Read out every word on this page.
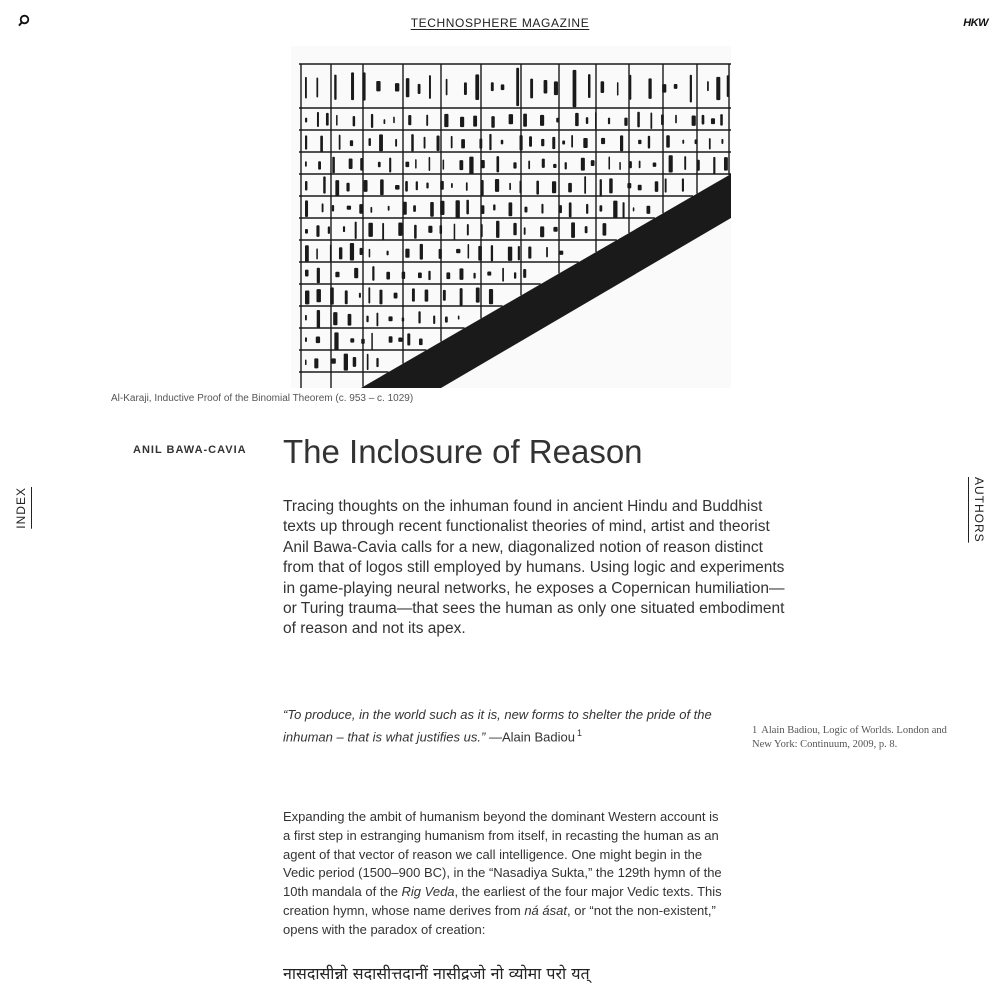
TECHNOSPHERE MAGAZINE	HKW
INDEX	AUTHORS
Al-Karaji, Inductive Proof of the Binomial Theorem (c. 953 – c. 1029)
ANIL BAWA-CAVIA The Inclosure of Reason

Tracing thoughts on the inhuman found in ancient Hindu and Buddhist texts up through recent functionalist theories of mind, artist and theorist Anil Bawa-Cavia calls for a new, diagonalized notion of reason distinct from that of logos still employed by humans. Using logic and experiments in game-playing neural networks, he exposes a Copernican humiliation—or Turing trauma—that sees the human as only one situated embodiment of reason and not its apex.

“To produce, in the world such as it is, new forms to shelter the pride of the inhuman – that is what justifies us.” —Alain Badiou $^1$	1 Alain Badiou, Logic of Worlds. London and New York: Continuum, 2009, p. 8.

Expanding the ambit of humanism beyond the dominant Western account is a first step in estranging humanism from itself, in recasting the human as an agent of that vector of reason we call intelligence. One might begin in the Vedic period (1500–900 BC), in the “Nasadiya Sukta,” the 129th hymn of the 10th mandala of the Rig Veda, the earliest of the four major Vedic texts. This creation hymn, whose name derives from ná ásat, or “not the non-existent,” opens with the paradox of creation:

नासदासीन्नो सदासीत्तदानीं नासीद्रजो नो व्योमा परो यत्
